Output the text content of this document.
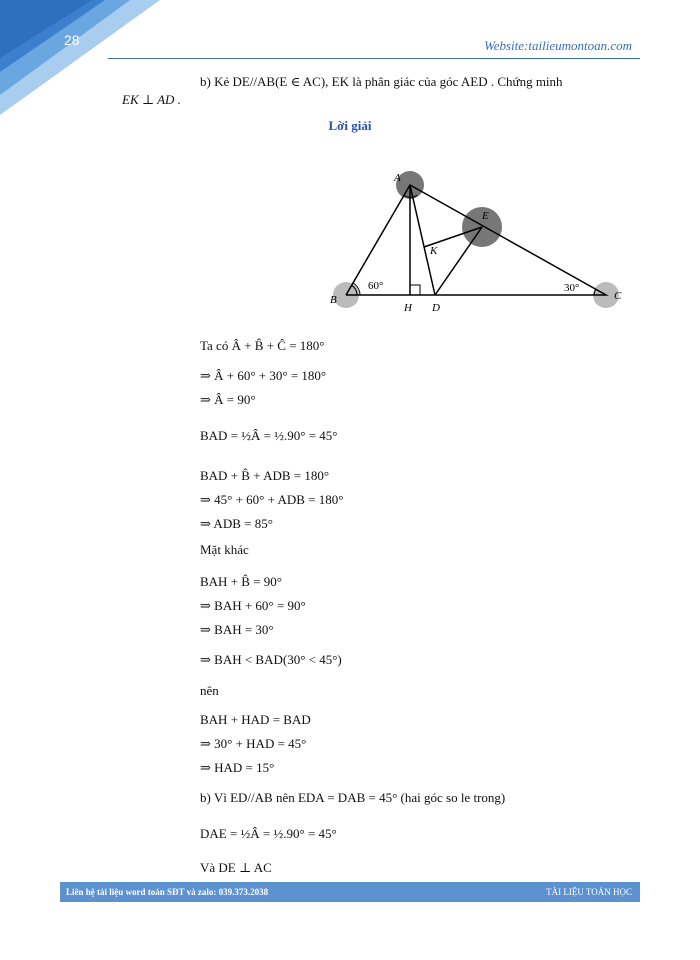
28	Website:tailieumontoan.com
b) Kẻ DE//AB(E ∈ AC), EK là phân giác của góc AED . Chứng minh
EK ⊥ AD .
Lời giải
A
B	C
H D
E
K
60°	30°
Ta có Â + B̂ + Ĉ = 180°
⇒ Â + 60° + 30° = 180°
⇒ Â = 90°
BAD = ½Â = ½.90° = 45°
BAD + B̂ + ADB = 180°
⇒ 45° + 60° + ADB = 180°
⇒ ADB = 85°
Mặt khác
BAH + B̂ = 90°
⇒ BAH + 60° = 90°
⇒ BAH = 30°
⇒ BAH < BAD(30° < 45°)
nên
BAH + HAD = BAD
⇒ 30° + HAD = 45°
⇒ HAD = 15°
b) Vì ED//AB nên EDA = DAB = 45° (hai góc so le trong)
DAE = ½Â = ½.90° = 45°
Và DE ⊥ AC
Liên hệ tài liệu word toán SĐT và zalo: 039.373.2038	TÀI LIỆU TOÁN HỌC
